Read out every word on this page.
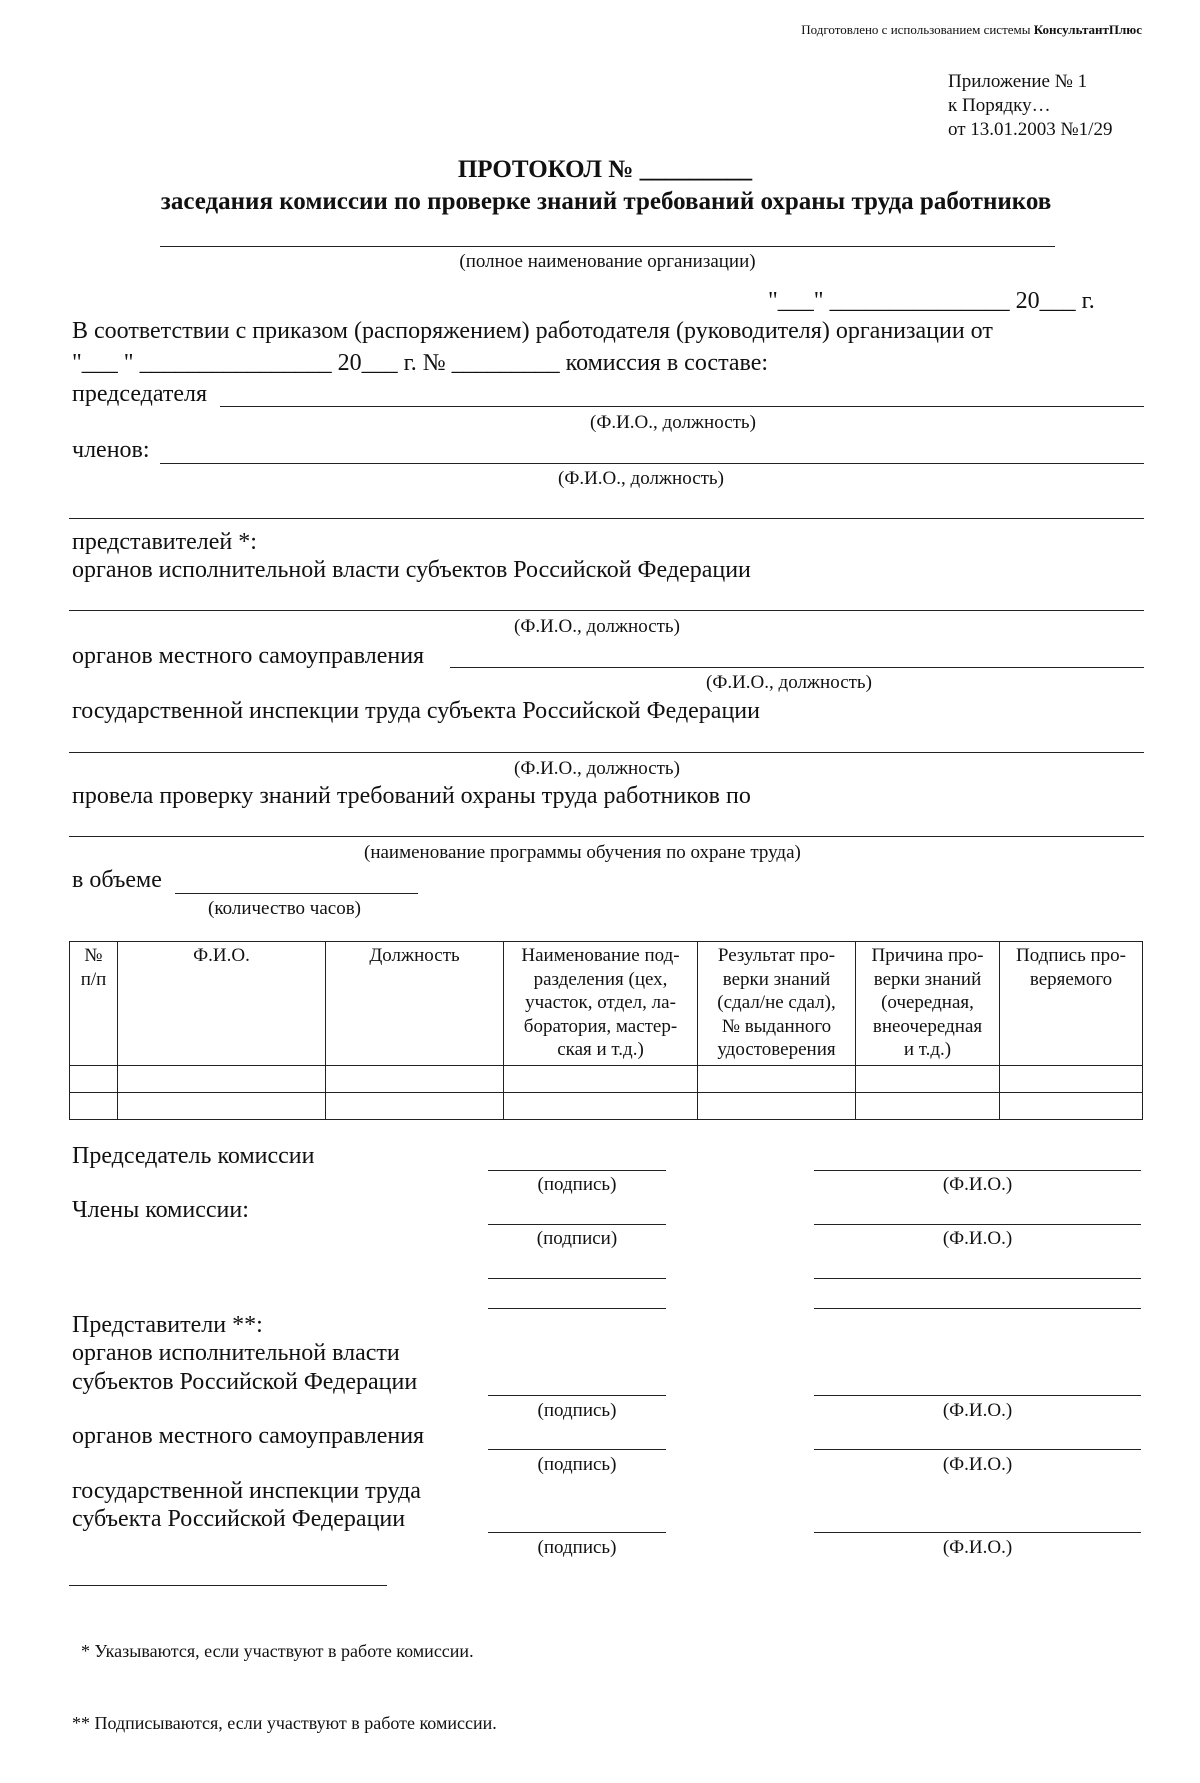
Подготовлено с использованием системы КонсультантПлюс
Приложение № 1
к Порядку…
от 13.01.2003 №1/29
ПРОТОКОЛ № _________
заседания комиссии по проверке знаний требований охраны труда работников
(полное наименование организации)
"___" _______________ 20___ г.
В соответствии с приказом (распоряжением) работодателя (руководителя) организации от
"___ " ________________ 20___ г. № _________ комиссия в составе:
председателя
(Ф.И.О., должность)
членов:
(Ф.И.О., должность)
представителей *:
органов исполнительной власти субъектов Российской Федерации
(Ф.И.О., должность)
органов местного самоуправления
(Ф.И.О., должность)
государственной инспекции труда субъекта Российской Федерации
(Ф.И.О., должность)
провела проверку знаний требований охраны труда работников по
(наименование программы обучения по охране труда)
в объеме
(количество часов)
№
п/п	Ф.И.О.	Должность	Наименование под-
разделения (цех,
участок, отдел, ла-
боратория, мастер-
ская и т.д.)	Результат про-
верки знаний
(сдал/не сдал),
№ выданного
удостоверения	Причина про-
верки знаний
(очередная,
внеочередная
и т.д.)	Подпись про-
веряемого

Председатель комиссии
(подпись)	(Ф.И.О.)
Члены комиссии:
(подписи)	(Ф.И.О.)
Представители **:
органов исполнительной власти
субъектов Российской Федерации
(подпись)	(Ф.И.О.)
органов местного самоуправления
(подпись)	(Ф.И.О.)
государственной инспекции труда
субъекта Российской Федерации
(подпись)	(Ф.И.О.)

* Указываются, если участвуют в работе комиссии.

** Подписываются, если участвуют в работе комиссии.
